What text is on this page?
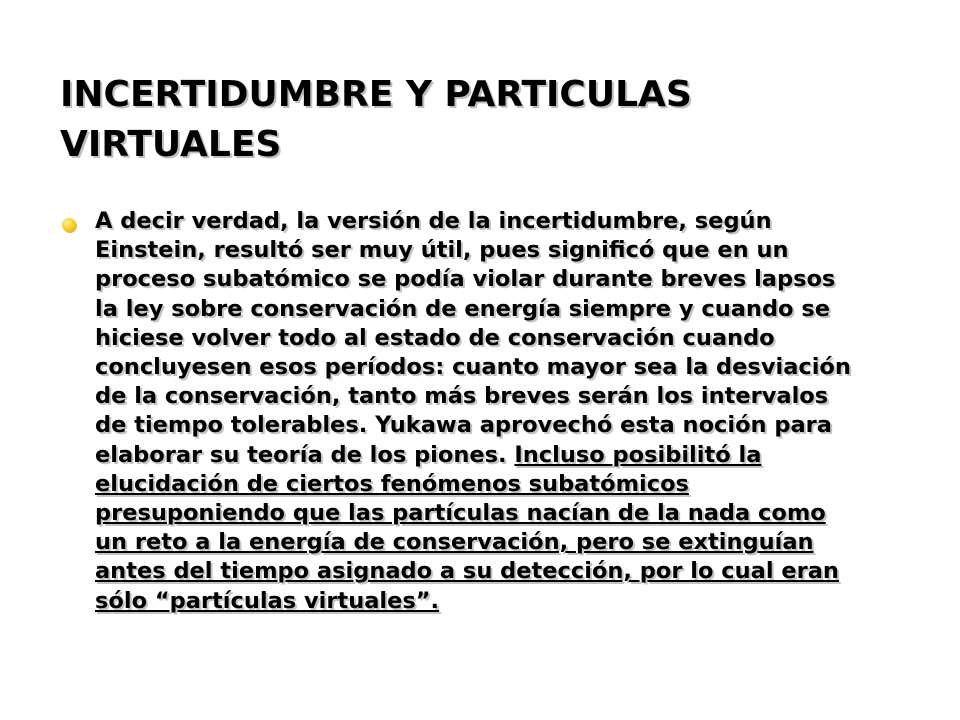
INCERTIDUMBRE Y PARTICULAS
VIRTUALES

A decir verdad, la versión de la incertidumbre, según
Einstein, resultó ser muy útil, pues significó que en un
proceso subatómico se podía violar durante breves lapsos
la ley sobre conservación de energía siempre y cuando se
hiciese volver todo al estado de conservación cuando
concluyesen esos períodos: cuanto mayor sea la desviación
de la conservación, tanto más breves serán los intervalos
de tiempo tolerables. Yukawa aprovechó esta noción para
elaborar su teoría de los piones. Incluso posibilitó la
elucidación de ciertos fenómenos subatómicos
presuponiendo que las partículas nacían de la nada como
un reto a la energía de conservación, pero se extinguían
antes del tiempo asignado a su detección, por lo cual eran
sólo “partículas virtuales”.
